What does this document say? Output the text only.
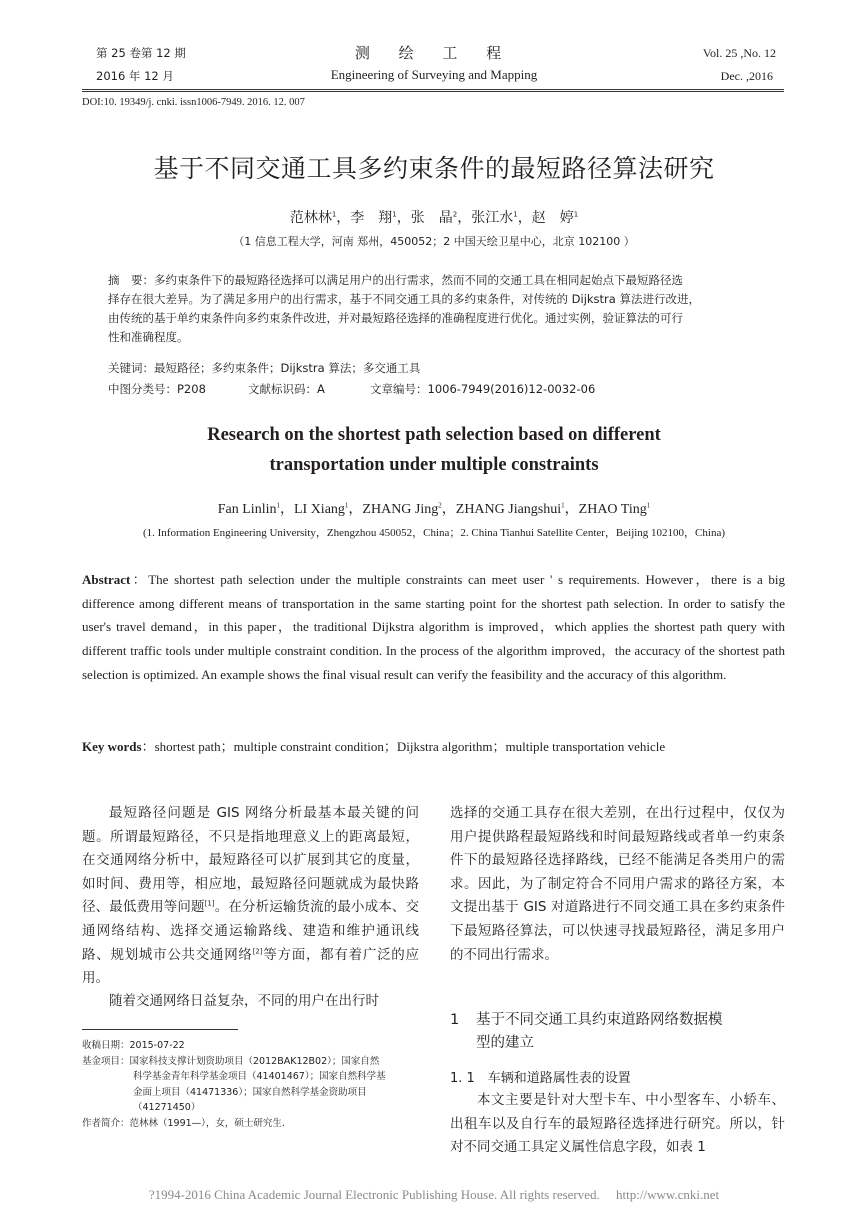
第 25 卷第 12 期
2016 年 12 月
测 绘 工 程
Engineering of Surveying and Mapping
Vol. 25 ,No. 12
Dec. ,2016
DOI:10. 19349/j. cnki. issn1006-7949. 2016. 12. 007
基于不同交通工具多约束条件的最短路径算法研究
范林林$^1$，李　翔$^1$，张　晶$^2$，张江水$^1$，赵　婷$^1$
（1 信息工程大学，河南 郑州，450052；2 中国天绘卫星中心，北京 102100 ）
摘　要：多约束条件下的最短路径选择可以满足用户的出行需求，然而不同的交通工具在相同起始点下最短路径选
择存在很大差异。为了满足多用户的出行需求，基于不同交通工具的多约束条件，对传统的 Dijkstra 算法进行改进，
由传统的基于单约束条件向多约束条件改进，并对最短路径选择的准确程度进行优化。通过实例，验证算法的可行
性和准确程度。
关键词：最短路径；多约束条件；Dijkstra 算法；多交通工具
中图分类号：P208	文献标识码：A	文章编号：1006-7949(2016)12-0032-06
Research on the shortest path selection based on different
transportation under multiple constraints
Fan Linlin$^1$，LI Xiang$^1$，ZHANG Jing$^2$，ZHANG Jiangshui$^1$，ZHAO Ting$^1$
(1. Information Engineering University，Zhengzhou 450052，China；2. China Tianhui Satellite Center，Beijing 102100，China)
Abstract：The shortest path selection under the multiple constraints can meet user ' s requirements. However，there is a big difference among different means of transportation in the same starting point for the shortest path selection. In order to satisfy the user's travel demand，in this paper，the traditional Dijkstra algorithm is improved，which applies the shortest path query with different traffic tools under multiple constraint condition. In the process of the algorithm improved，the accuracy of the shortest path selection is optimized. An example shows the final visual result can verify the feasibility and the accuracy of this algorithm.
Key words：shortest path；multiple constraint condition；Dijkstra algorithm；multiple transportation vehicle
最短路径问题是 GIS 网络分析最基本最关键的问题。所谓最短路径，不只是指地理意义上的距离最短，在交通网络分析中，最短路径可以扩展到其它的度量，如时间、费用等，相应地，最短路径问题就成为最快路径、最低费用等问题[1]。在分析运输货流的最小成本、交通网络结构、选择交通运输路线、建造和维护通讯线路、规划城市公共交通网络[2]等方面，都有着广泛的应用。
随着交通网络日益复杂，不同的用户在出行时
收稿日期：2015-07-22
基金项目：国家科技支撑计划资助项目（2012BAK12B02）；国家自然
科学基金青年科学基金项目（41401467）；国家自然科学基
金面上项目（41471336）；国家自然科学基金资助项目
（41271450）
作者简介：范林林（1991—），女，硕士研究生.
选择的交通工具存在很大差别，在出行过程中，仅仅为用户提供路程最短路线和时间最短路线或者单一约束条件下的最短路径选择路线，已经不能满足各类用户的需求。因此，为了制定符合不同用户需求的路径方案，本文提出基于 GIS 对道路进行不同交通工具在多约束条件下最短路径算法，可以快速寻找最短路径，满足多用户的不同出行需求。
1 基于不同交通工具约束道路网络数据模
型的建立
1. 1　车辆和道路属性表的设置
本文主要是针对大型卡车、中小型客车、小轿车、出租车以及自行车的最短路径选择进行研究。所以，针对不同交通工具定义属性信息字段，如表 1
?1994-2016 China Academic Journal Electronic Publishing House. All rights reserved.　 http://www.cnki.net
